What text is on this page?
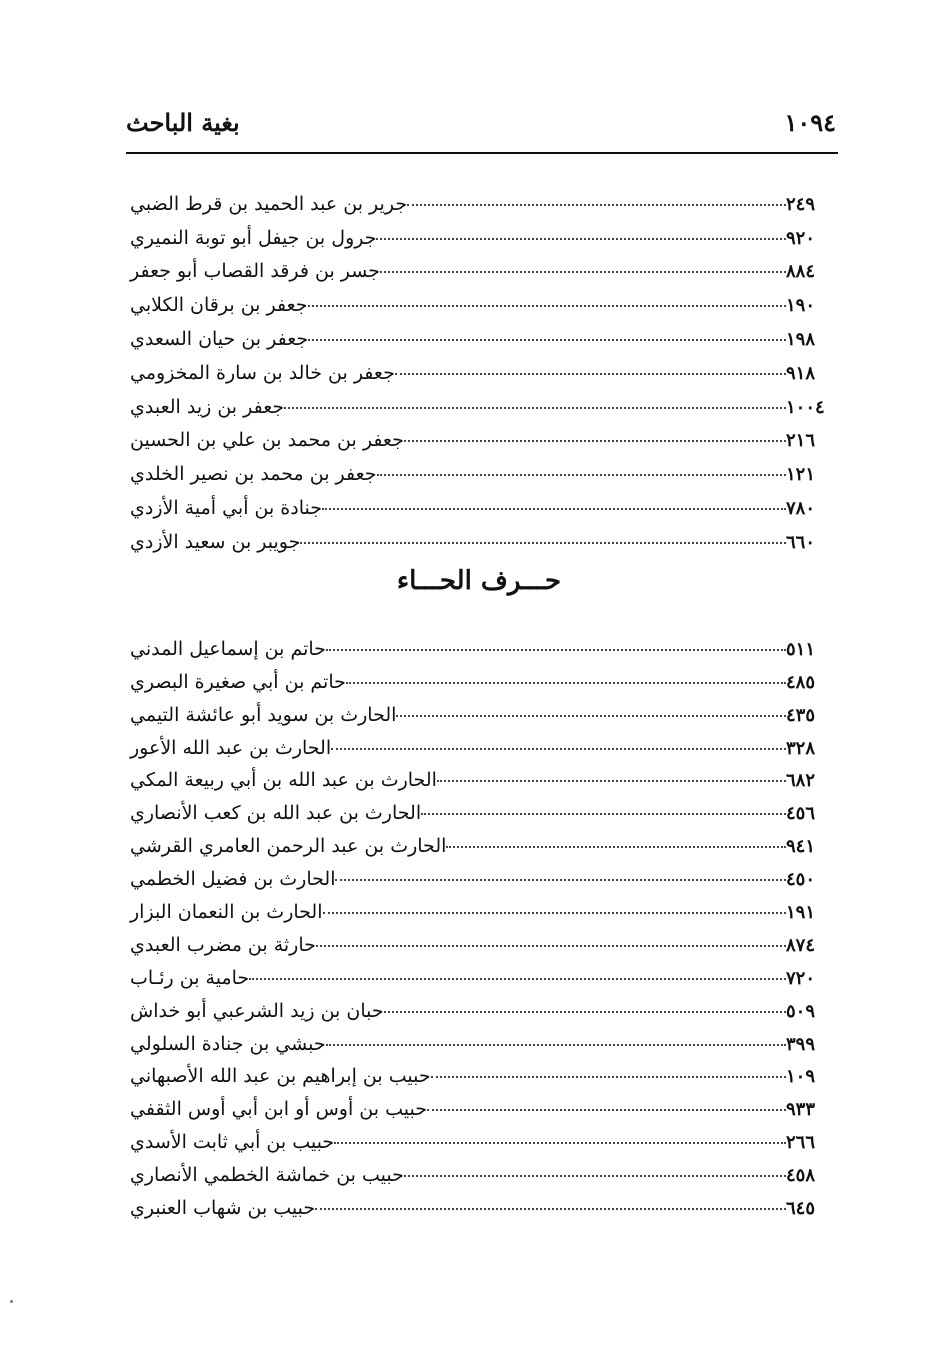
بغية الباحث	١٠٩٤
جرير بن عبد الحميد بن قرط الضبي	٢٤٩
جرول بن جيفل أبو توبة النميري	٩٢٠
جسر بن فرقد القصاب أبو جعفر	٨٨٤
جعفر بن برقان الكلابي	١٩٠
جعفر بن حيان السعدي	١٩٨
جعفر بن خالد بن سارة المخزومي	٩١٨
جعفر بن زيد العبدي	١٠٠٤
جعفر بن محمد بن علي بن الحسين	٢١٦
جعفر بن محمد بن نصير الخلدي	١٢١
جنادة بن أبي أمية الأزدي	٧٨٠
جويبر بن سعيد الأزدي	٦٦٠
حـــرف الحـــاء
حاتم بن إسماعيل المدني	٥١١
حاتم بن أبي صغيرة البصري	٤٨٥
الحارث بن سويد أبو عائشة التيمي	٤٣٥
الحارث بن عبد الله الأعور	٣٢٨
الحارث بن عبد الله بن أبي ربيعة المكي	٦٨٢
الحارث بن عبد الله بن كعب الأنصاري	٤٥٦
الحارث بن عبد الرحمن العامري القرشي	٩٤١
الحارث بن فضيل الخطمي	٤٥٠
الحارث بن النعمان البزار	١٩١
حارثة بن مضرب العبدي	٨٧٤
حامية بن رئـاب	٧٢٠
حبان بن زيد الشرعبي أبو خداش	٥٠٩
حبشي بن جنادة السلولي	٣٩٩
حبيب بن إبراهيم بن عبد الله الأصبهاني	١٠٩
حبيب بن أوس أو ابن أبي أوس الثقفي	٩٣٣
حبيب بن أبي ثابت الأسدي	٢٦٦
حبيب بن خماشة الخطمي الأنصاري	٤٥٨
حبيب بن شهاب العنبري	٦٤٥
